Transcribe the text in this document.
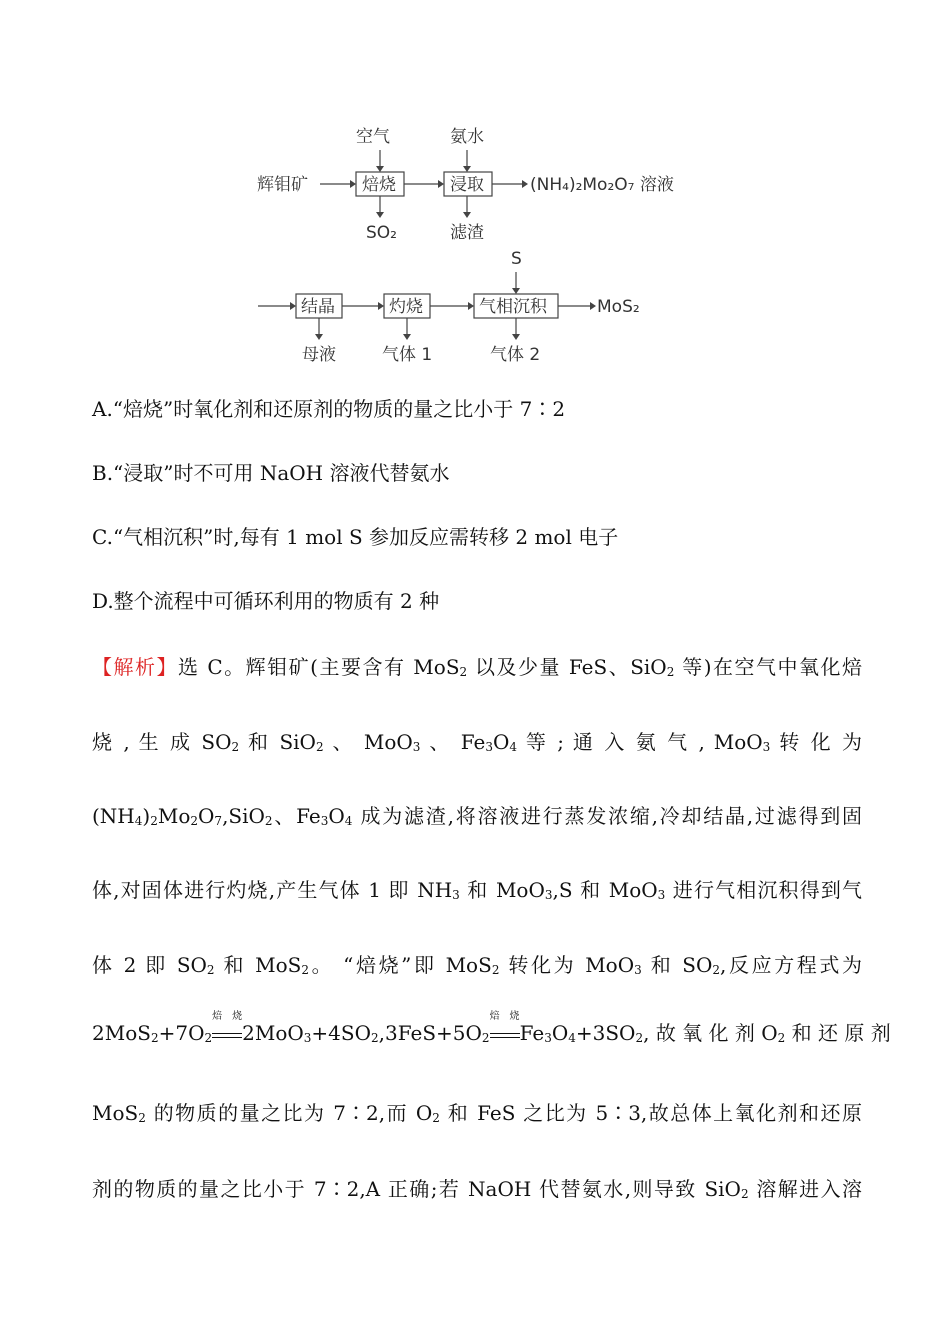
空气	氨水
辉钼矿	焙烧	浸取	(NH₄)₂Mo₂O₇ 溶液
SO₂	滤渣
S
结晶	灼烧	气相沉积	MoS₂
母液	气体 1	气体 2
A.“焙烧”时氧化剂和还原剂的物质的量之比小于 7∶2
B.“浸取”时不可用 NaOH 溶液代替氨水
C.“气相沉积”时,每有 1 mol S 参加反应需转移 2 mol 电子
D.整个流程中可循环利用的物质有 2 种
【解析】选 C。辉钼矿(主要含有 MoS$_2$ 以及少量 FeS、SiO$_2$ 等)在空气中氧化焙
烧 , 生 成 $SO_2$ 和 SiO$_2$ 、 MoO$_3$ 、 $Fe_3O_4$ 等 ; 通 入 氨 气 , MoO$_3$ 转 化 为
$(NH_4)_2Mo_2O_7,SiO_2$、$Fe_3O_4$ 成为滤渣,将溶液进行蒸发浓缩,冷却结晶,过滤得到固
体,对固体进行灼烧,产生气体 1 即 $NH_3$ 和 MoO$_3$,S 和 MoO$_3$ 进行气相沉积得到气
体 2 即 $SO_2$ 和 MoS$_2$。 “焙烧”即 MoS$_2$ 转化为 MoO$_3$ 和 $SO_2$,反应方程式为
$2MoS_2+7O_2$
焙烧
$2MoO_3+4SO_2,3FeS+5O_2$
焙烧
$Fe_3O_4+3SO_2$, 故 氧 化 剂 $O_2$ 和 还 原 剂
MoS$_2$ 的物质的量之比为 7∶2,而 $O_2$ 和 FeS 之比为 5∶3,故总体上氧化剂和还原
剂的物质的量之比小于 7∶2,A 正确;若 NaOH 代替氨水,则导致 SiO$_2$ 溶解进入溶
